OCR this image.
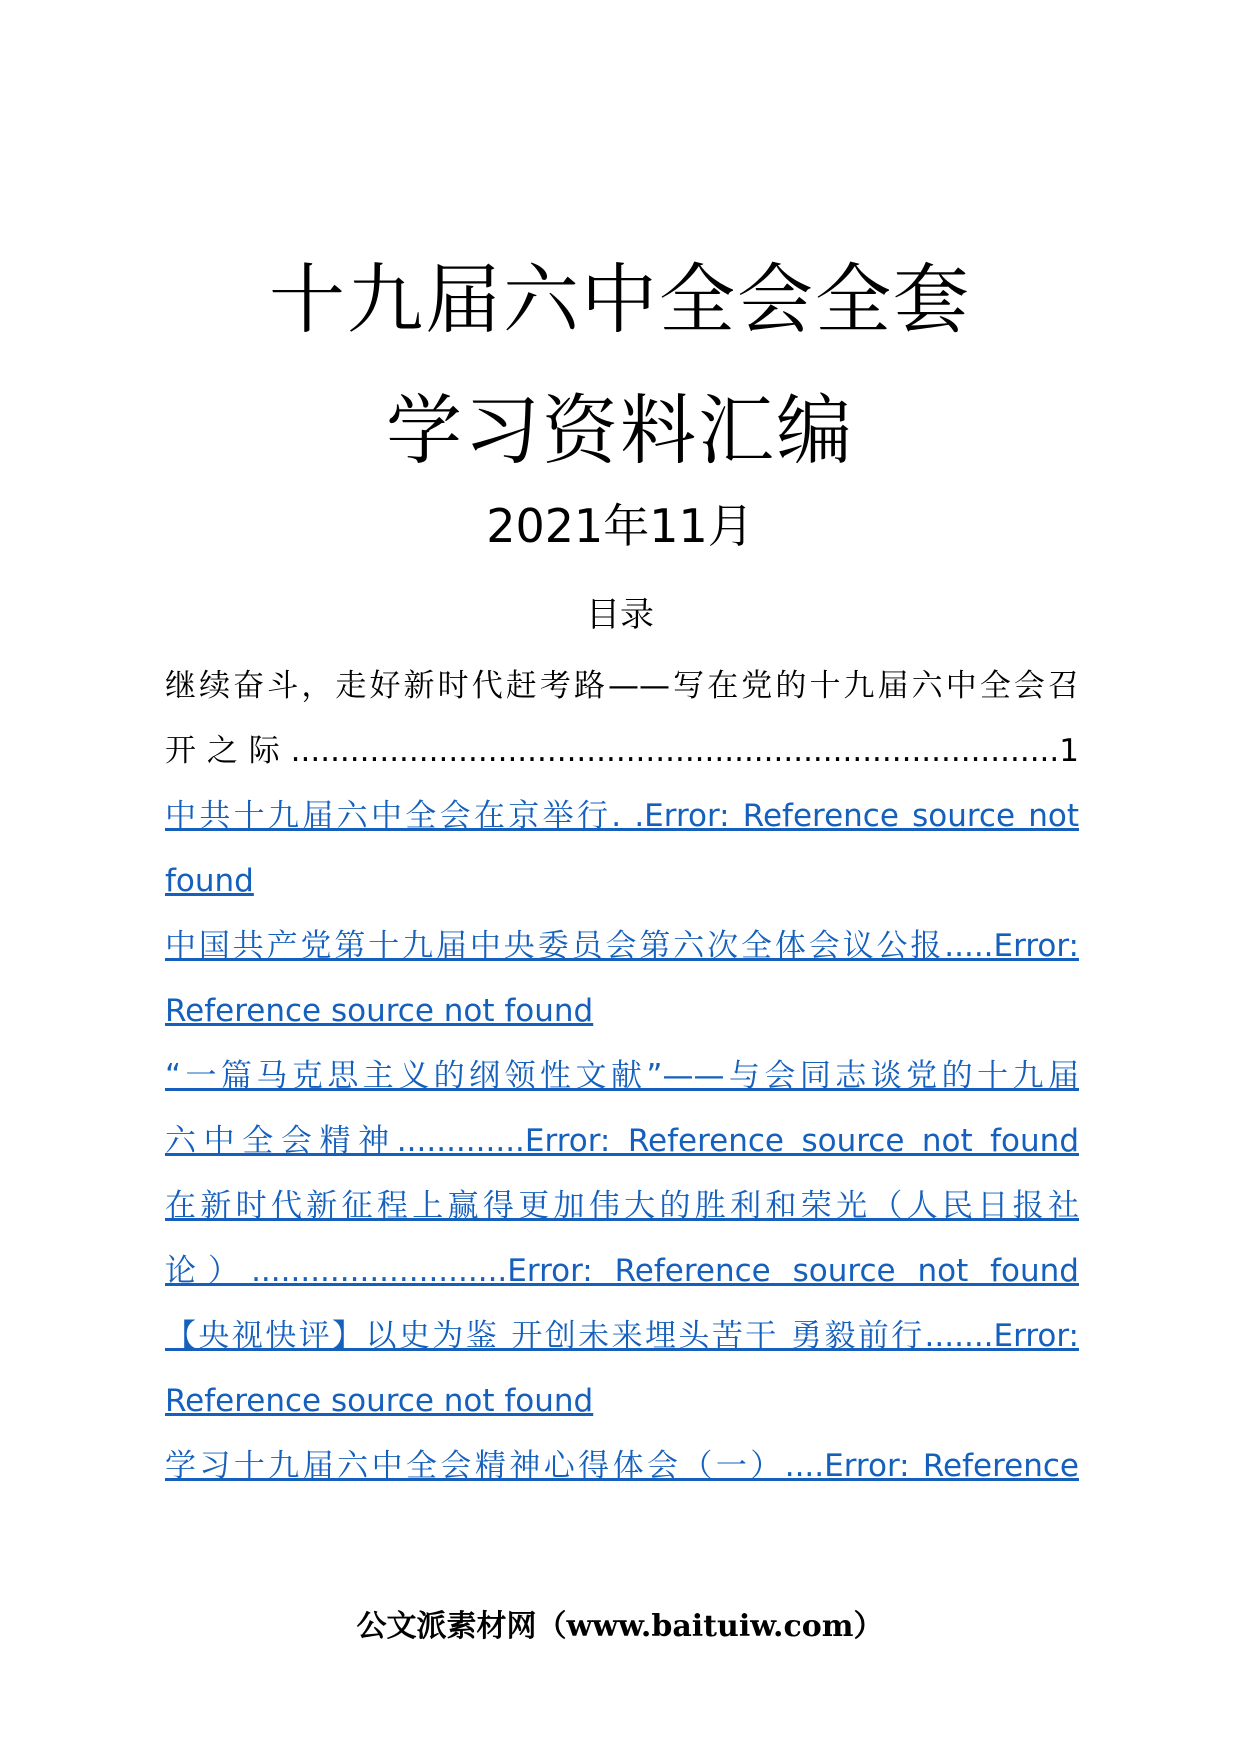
十九届六中全会全套
学习资料汇编
2021年11月
目录
继续奋斗，走好新时代赶考路——写在党的十九届六中全会召
开之际..............................................................................1
中共十九届六中全会在京举行. .Error: Reference source not
found
中国共产党第十九届中央委员会第六次全体会议公报.....Error:
Reference source not found
“一篇马克思主义的纲领性文献”——与会同志谈党的十九届
六中全会精神.............Error: Reference source not found
在新时代新征程上赢得更加伟大的胜利和荣光（人民日报社
论）..........................Error: Reference source not found
【央视快评】以史为鉴 开创未来埋头苦干 勇毅前行.......Error:
Reference source not found
学习十九届六中全会精神心得体会（一）....Error: Reference
公文派素材网（www.baituiw.com）
